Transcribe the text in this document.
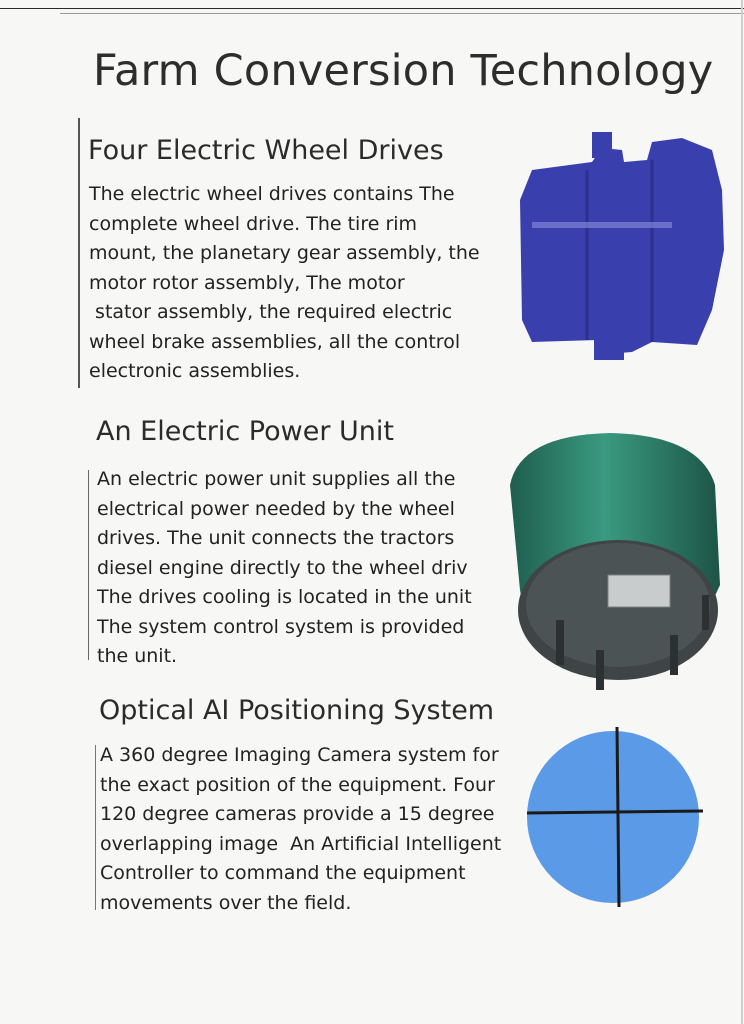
Farm Conversion Technology
Four Electric Wheel Drives
The electric wheel drives contains The
complete wheel drive. The tire rim
mount, the planetary gear assembly, the
motor rotor assembly, The motor
stator assembly, the required electric
wheel brake assemblies, all the control
electronic assemblies.
An Electric Power Unit
An electric power unit supplies all the
electrical power needed by the wheel
drives. The unit connects the tractors
diesel engine directly to the wheel driv
The drives cooling is located in the unit
The system control system is provided
the unit.
Optical AI Positioning System
A 360 degree Imaging Camera system for
the exact position of the equipment. Four
120 degree cameras provide a 15 degree
overlapping image  An Artificial Intelligent
Controller to command the equipment
movements over the field.
